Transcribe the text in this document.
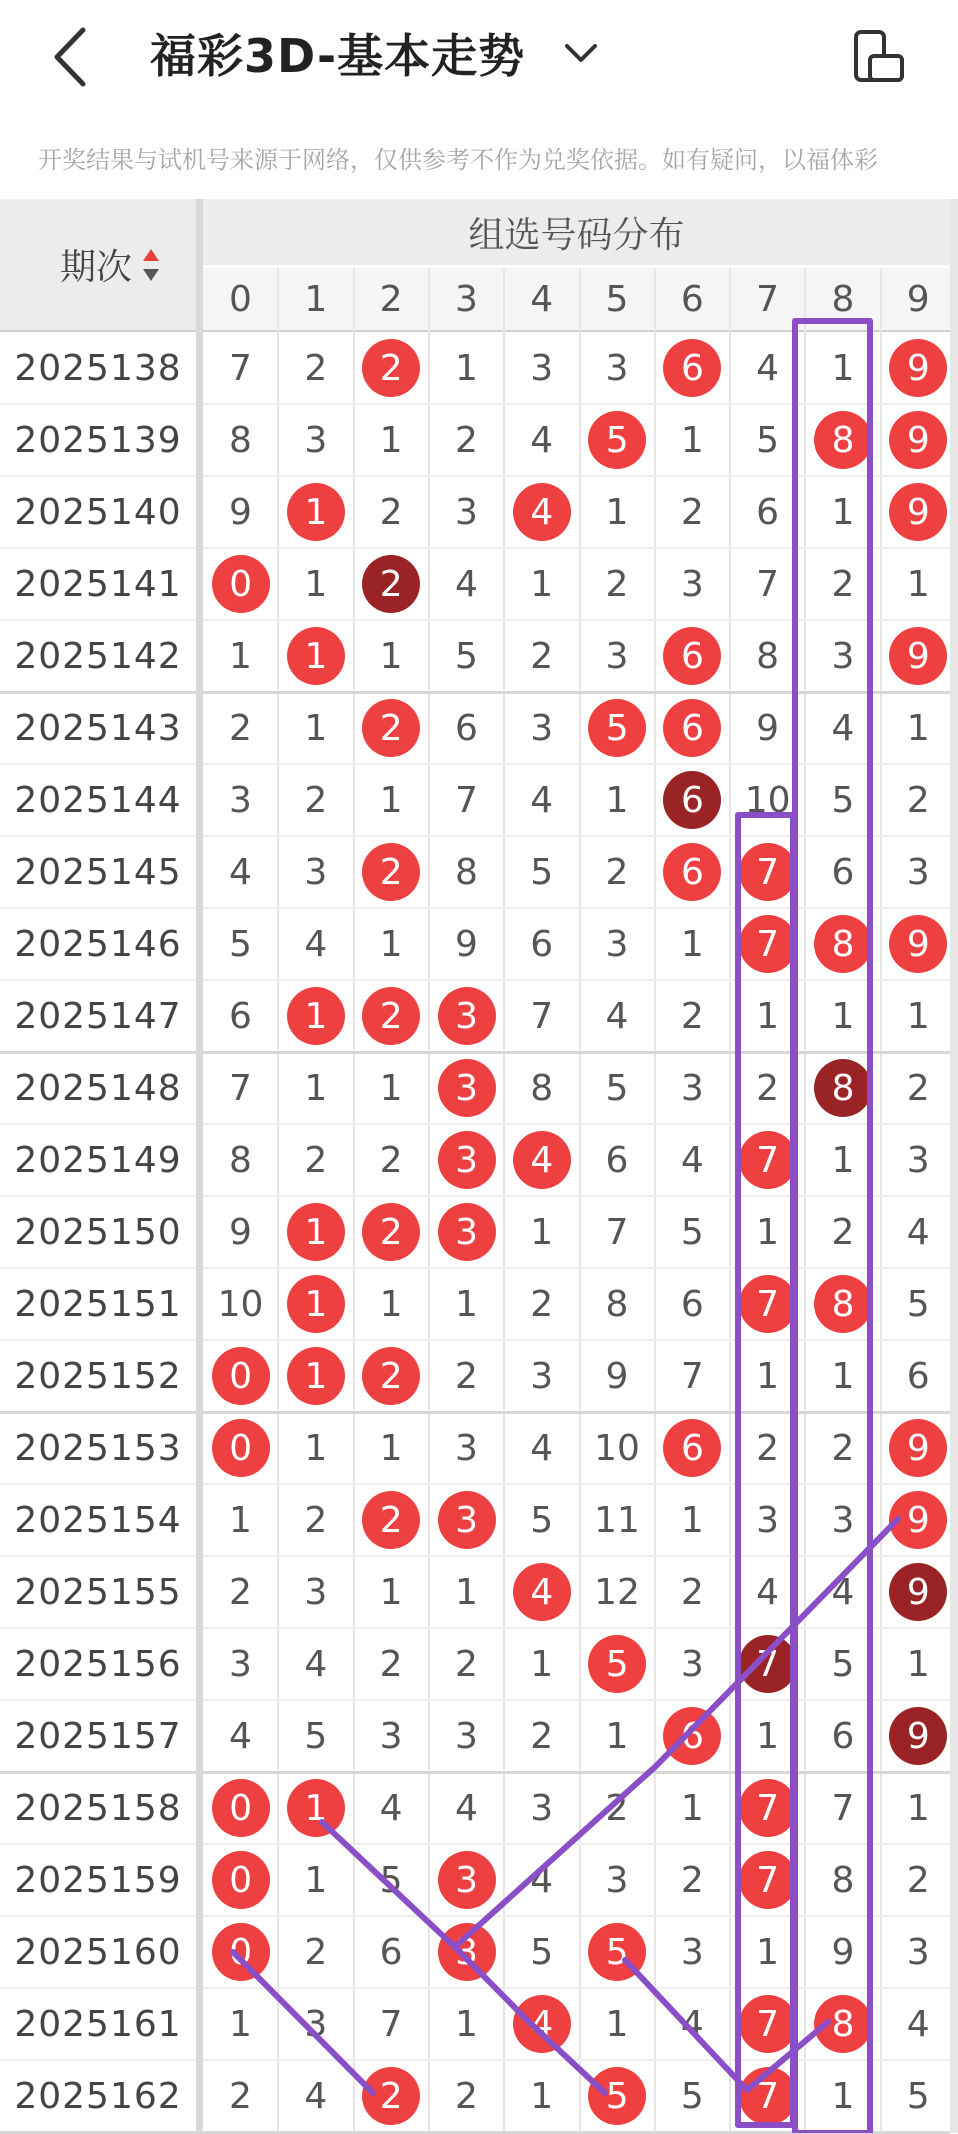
福彩3D-基本走势
开奖结果与试机号来源于网络，仅供参考不作为兑奖依据。如有疑问，以福体彩
期次
组选号码分布
0	1	2	3	4	5	6	7	8	9
2025138	7	2	2	1	3	3	6	4	1	9
2025139	8	3	1	2	4	5	1	5	8	9
2025140	9	1	2	3	4	1	2	6	1	9
2025141	0	1	2	4	1	2	3	7	2	1
2025142	1	1	1	5	2	3	6	8	3	9
2025143	2	1	2	6	3	5	6	9	4	1
2025144	3	2	1	7	4	1	6	10	5	2
2025145	4	3	2	8	5	2	6	7	6	3
2025146	5	4	1	9	6	3	1	7	8	9
2025147	6	1	2	3	7	4	2	1	1	1
2025148	7	1	1	3	8	5	3	2	8	2
2025149	8	2	2	3	4	6	4	7	1	3
2025150	9	1	2	3	1	7	5	1	2	4
2025151 10	1	1	1	2	8	6	7	8	5
2025152	0	1	2	2	3	9	7	1	1	6
2025153	0	1	1	3	4	10	6	2	2	9
2025154	1	2	2	3	5	11	1	3	3	9
2025155	2	3	1	1	4	12	2	4	4	9
2025156	3	4	2	2	1	5	3	7	5	1
2025157	4	5	3	3	2	1	6	1	6	9
2025158	0	1	4	4	3	2	1	7	7	1
2025159	0	1	5	3	4	3	2	7	8	2
2025160	0	2	6	3	5	5	3	1	9	3
2025161	1	3	7	1	4	1	4	7	8	4
2025162	2	4	2	2	1	5	5	7	1	5
